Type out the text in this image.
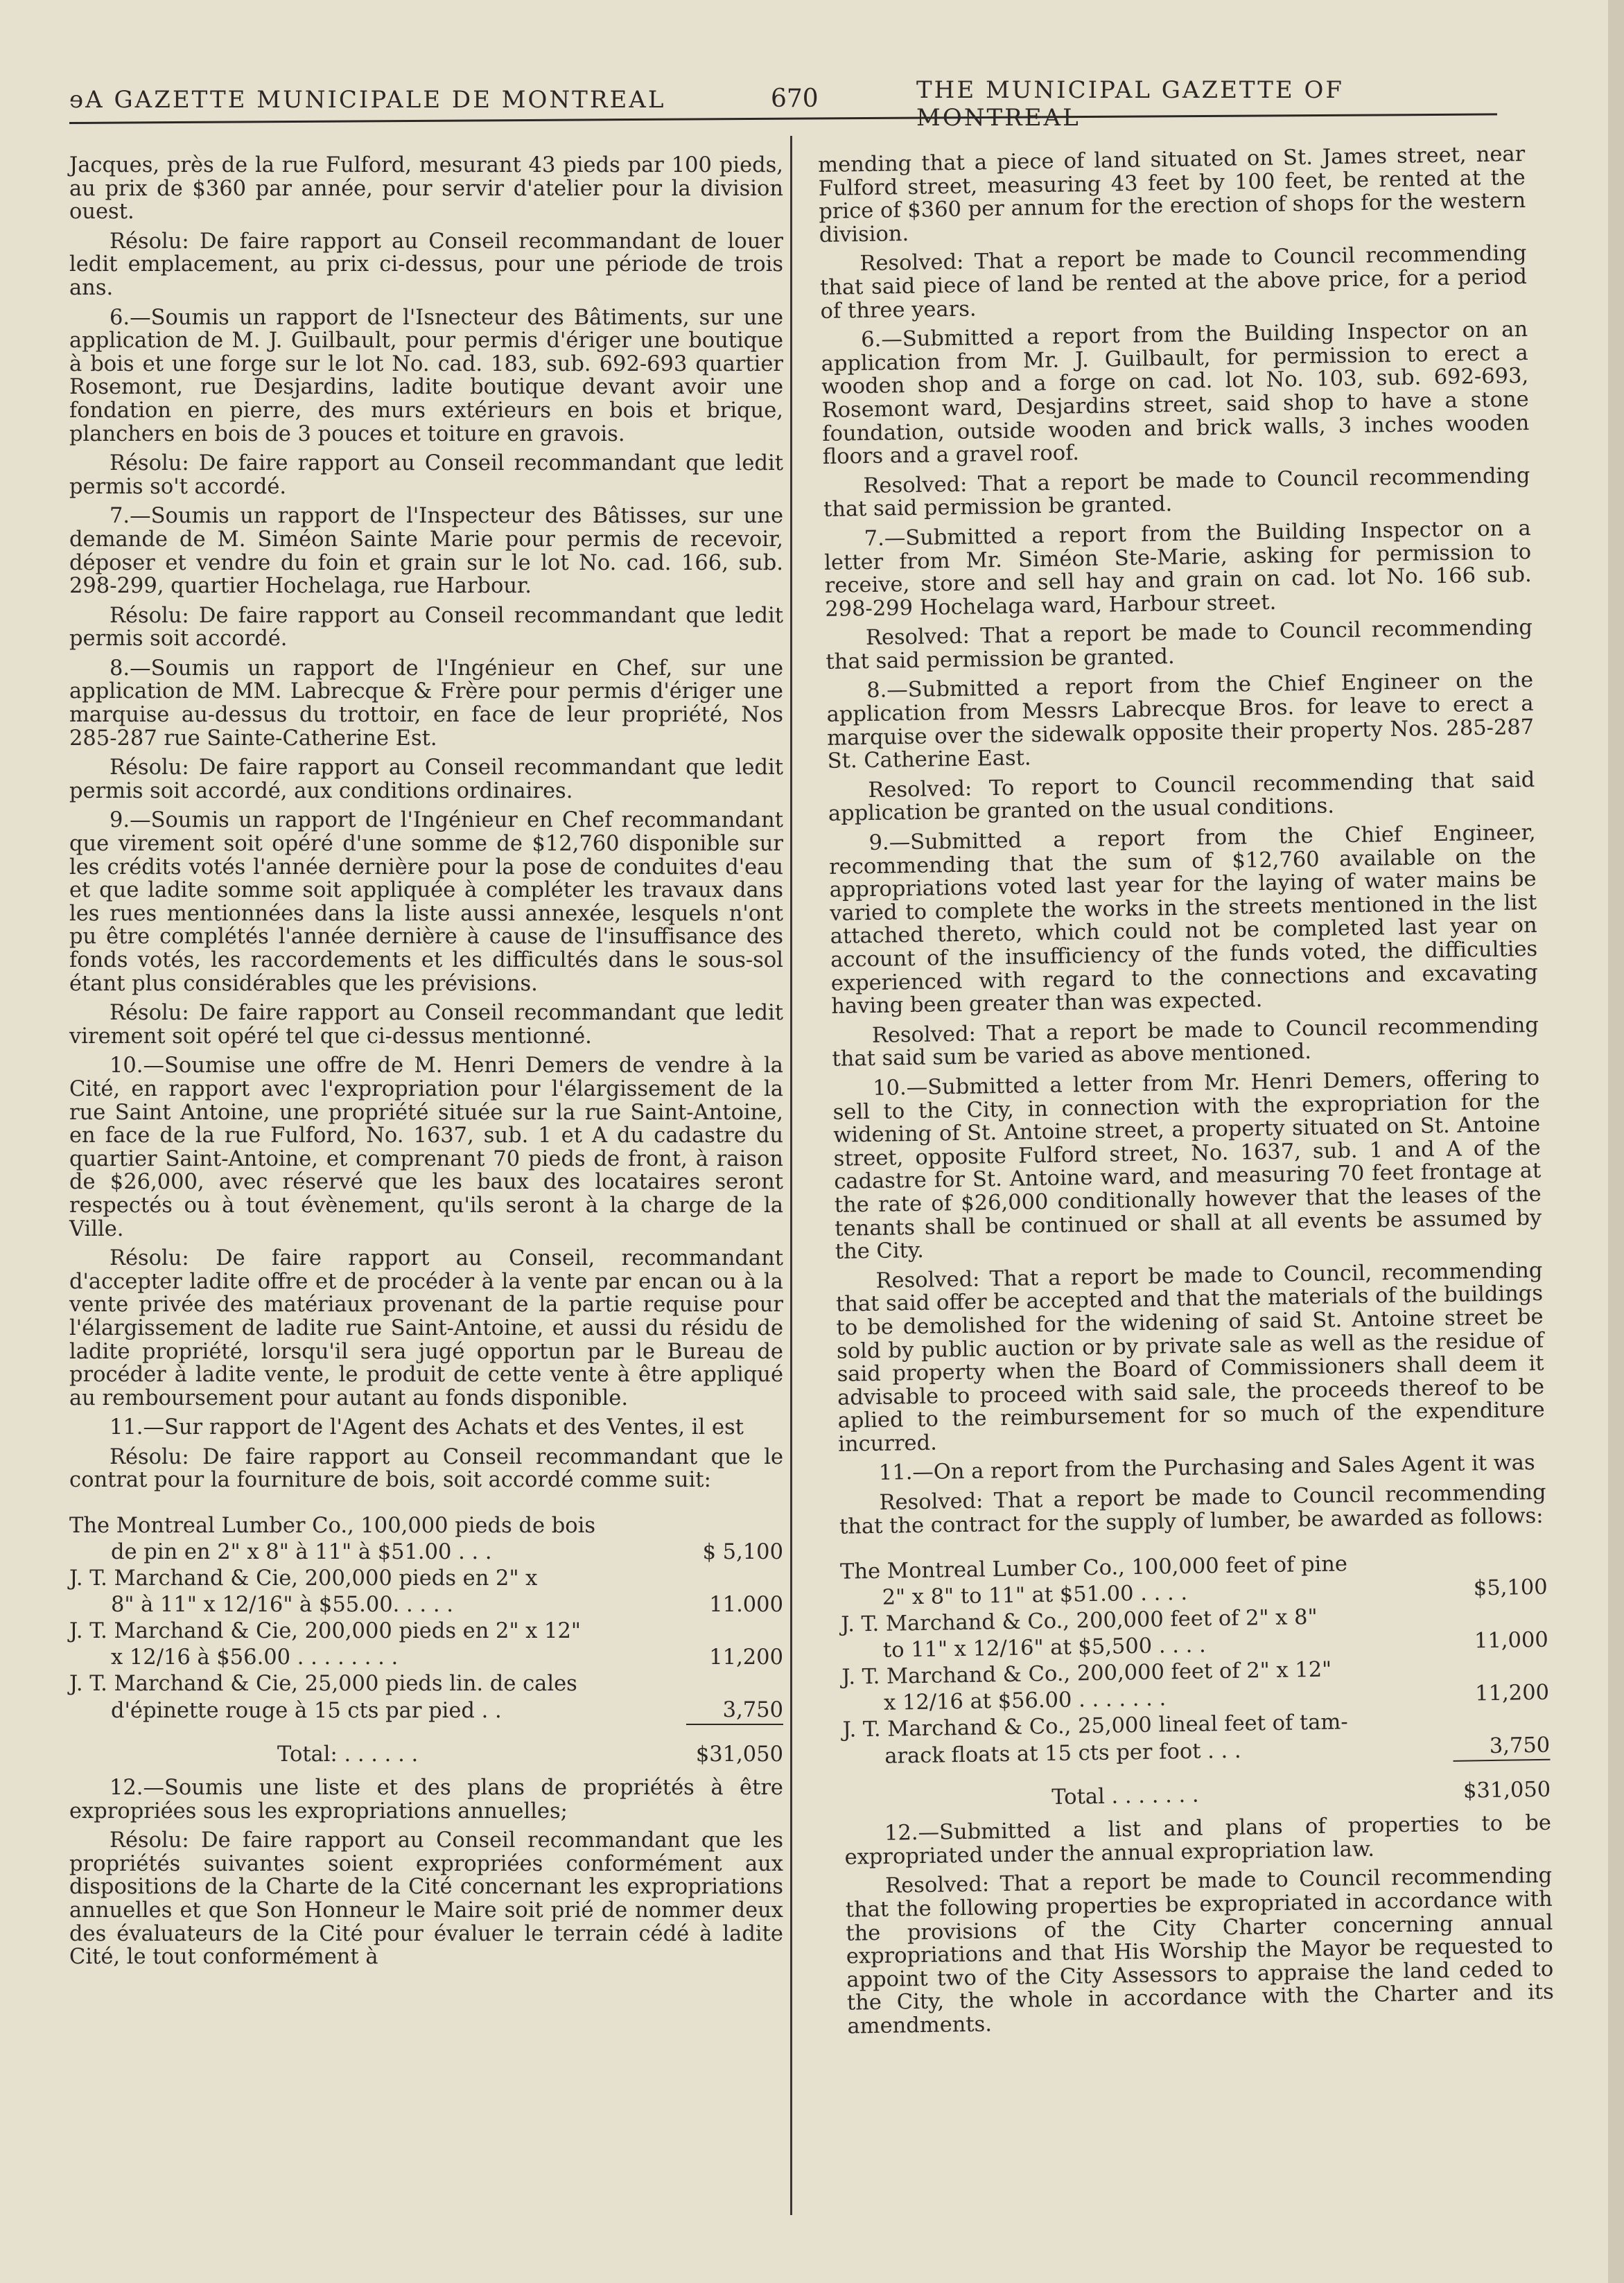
ɘA GAZETTE MUNICIPALE DE MONTREAL	670	THE MUNICIPAL GAZETTE OF

Jacques, près de la rue Fulford, mesurant 43 pieds par 100 pieds, au prix de $360 par année, pour servir d'atelier pour la division ouest.

Résolu: De faire rapport au Conseil recommandant de louer ledit emplacement, au prix ci-dessus, pour une période de trois ans.

6.—Soumis un rapport de l'Isnecteur des Bâtiments, sur une application de M. J. Guilbault, pour permis d'ériger une boutique à bois et une forge sur le lot No. cad. 183, sub. 692-693 quartier Rosemont, rue Desjardins, ladite boutique devant avoir une fondation en pierre, des murs extérieurs en bois et brique, planchers en bois de 3 pouces et toiture en gravois.

Résolu: De faire rapport au Conseil recommandant que ledit permis so't accordé.

7.—Soumis un rapport de l'Inspecteur des Bâtisses, sur une demande de M. Siméon Sainte Marie pour permis de recevoir, déposer et vendre du foin et grain sur le lot No. cad. 166, sub. 298-299, quartier Hochelaga, rue Harbour.

Résolu: De faire rapport au Conseil recommandant que ledit permis soit accordé.

8.—Soumis un rapport de l'Ingénieur en Chef, sur une application de MM. Labrecque & Frère pour permis d'ériger une marquise au-dessus du trottoir, en face de leur propriété, Nos 285-287 rue Sainte-Catherine Est.

Résolu: De faire rapport au Conseil recommandant que ledit permis soit accordé, aux conditions ordinaires.

9.—Soumis un rapport de l'Ingénieur en Chef recommandant que virement soit opéré d'une somme de $12,760 disponible sur les crédits votés l'année dernière pour la pose de conduites d'eau et que ladite somme soit appliquée à compléter les travaux dans les rues mentionnées dans la liste aussi annexée, lesquels n'ont pu être complétés l'année dernière à cause de l'insuffisance des fonds votés, les raccordements et les difficultés dans le sous-sol étant plus considérables que les prévisions.

Résolu: De faire rapport au Conseil recommandant que ledit virement soit opéré tel que ci-dessus mentionné.

10.—Soumise une offre de M. Henri Demers de vendre à la Cité, en rapport avec l'expropriation pour l'élargissement de la rue Saint Antoine, une propriété située sur la rue Saint-Antoine, en face de la rue Fulford, No. 1637, sub. 1 et A du cadastre du quartier Saint-Antoine, et comprenant 70 pieds de front, à raison de $26,000, avec réservé que les baux des locataires seront respectés ou à tout évènement, qu'ils seront à la charge de la Ville.

Résolu: De faire rapport au Conseil, recommandant d'accepter ladite offre et de procéder à la vente par encan ou à la vente privée des matériaux provenant de la partie requise pour l'élargissement de ladite rue Saint-Antoine, et aussi du résidu de ladite propriété, lorsqu'il sera jugé opportun par le Bureau de procéder à ladite vente, le produit de cette vente à être appliqué au remboursement pour autant au fonds disponible.

11.—Sur rapport de l'Agent des Achats et des Ventes, il est

Résolu: De faire rapport au Conseil recommandant que le contrat pour la fourniture de bois, soit accordé comme suit:

The Montreal Lumber Co., 100,000 pieds de bois	
de pin en 2" x 8" à 11" à $51.00 . . .	$ 5,100
J. T. Marchand & Cie, 200,000 pieds en 2" x	
8" à 11" x 12/16" à $55.00. . . . .	11.000
J. T. Marchand & Cie, 200,000 pieds en 2" x 12"	
x 12/16 à $56.00 . . . . . . . .	11,200
J. T. Marchand & Cie, 25,000 pieds lin. de cales	
d'épinette rouge à 15 cts par pied . .	3,750
Total: . . . . . .	$31,050

12.—Soumis une liste et des plans de propriétés à être expropriées sous les expropriations annuelles;

Résolu: De faire rapport au Conseil recommandant que les propriétés suivantes soient expropriées conformément aux dispositions de la Charte de la Cité concernant les expropriations annuelles et que Son Honneur le Maire soit prié de nommer deux des évaluateurs de la Cité pour évaluer le terrain cédé à ladite Cité, le tout conformément à

mending that a piece of land situated on St. James street, near Fulford street, measuring 43 feet by 100 feet, be rented at the price of $360 per annum for the erection of shops for the western division.

Resolved: That a report be made to Council recommending that said piece of land be rented at the above price, for a period of three years.

6.—Submitted a report from the Building Inspector on an application from Mr. J. Guilbault, for permission to erect a wooden shop and a forge on cad. lot No. 103, sub. 692-693, Rosemont ward, Desjardins street, said shop to have a stone foundation, outside wooden and brick walls, 3 inches wooden floors and a gravel roof.

Resolved: That a report be made to Council recommending that said permission be granted.

7.—Submitted a report from the Building Inspector on a letter from Mr. Siméon Ste-Marie, asking for permission to receive, store and sell hay and grain on cad. lot No. 166 sub. 298-299 Hochelaga ward, Harbour street.

Resolved: That a report be made to Council recommending that said permission be granted.

8.—Submitted a report from the Chief Engineer on the application from Messrs Labrecque Bros. for leave to erect a marquise over the sidewalk opposite their property Nos. 285-287 St. Catherine East.

Resolved: To report to Council recommending that said application be granted on the usual conditions.

9.—Submitted a report from the Chief Engineer, recommending that the sum of $12,760 available on the appropriations voted last year for the laying of water mains be varied to complete the works in the streets mentioned in the list attached thereto, which could not be completed last year on account of the insufficiency of the funds voted, the difficulties experienced with regard to the connections and excavating having been greater than was expected.

Resolved: That a report be made to Council recommending that said sum be varied as above mentioned.

10.—Submitted a letter from Mr. Henri Demers, offering to sell to the City, in connection with the expropriation for the widening of St. Antoine street, a property situated on St. Antoine street, opposite Fulford street, No. 1637, sub. 1 and A of the cadastre for St. Antoine ward, and measuring 70 feet frontage at the rate of $26,000 conditionally however that the leases of the tenants shall be continued or shall at all events be assumed by the City.

Resolved: That a report be made to Council, recommending that said offer be accepted and that the materials of the buildings to be demolished for the widening of said St. Antoine street be sold by public auction or by private sale as well as the residue of said property when the Board of Commissioners shall deem it advisable to proceed with said sale, the proceeds thereof to be aplied to the reimbursement for so much of the expenditure incurred.

11.—On a report from the Purchasing and Sales Agent it was

Resolved: That a report be made to Council recommending that the contract for the supply of lumber, be awarded as follows:

The Montreal Lumber Co., 100,000 feet of pine	
2" x 8" to 11" at $51.00 . . . .	$5,100
J. T. Marchand & Co., 200,000 feet of 2" x 8"	
to 11" x 12/16" at $5,500 . . . .	11,000
J. T. Marchand & Co., 200,000 feet of 2" x 12"	
x 12/16 at $56.00 . . . . . . .	11,200
J. T. Marchand & Co., 25,000 lineal feet of tam-	
arack floats at 15 cts per foot . . .	3,750
Total . . . . . . .	$31,050

12.—Submitted a list and plans of properties to be expropriated under the annual expropriation law.

Resolved: That a report be made to Council recommending that the following properties be expropriated in accordance with the provisions of the City Charter concerning annual expropriations and that His Worship the Mayor be requested to appoint two of the City Assessors to appraise the land ceded to the City, the whole in accordance with the Charter and its amendments.
